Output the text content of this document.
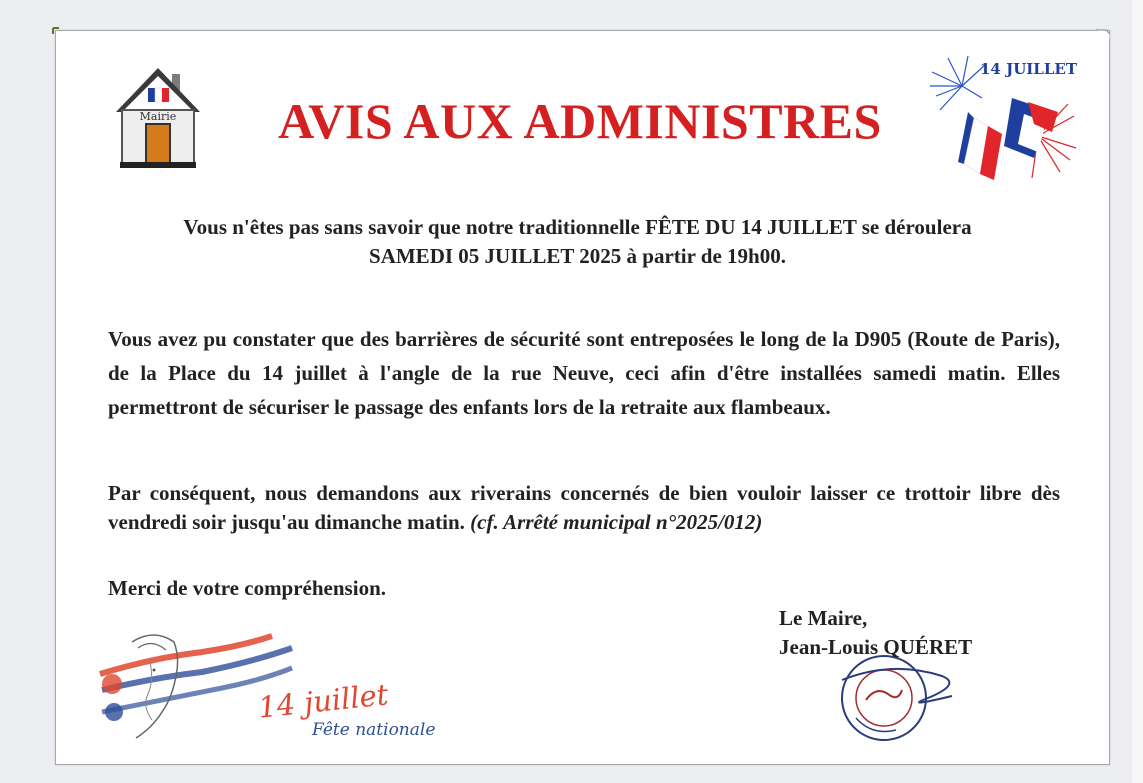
Mairie	AVIS AUX ADMINISTRES
14 JUILLET
Vous n'êtes pas sans savoir que notre traditionnelle FÊTE DU 14 JUILLET se déroulera
SAMEDI 05 JUILLET 2025 à partir de 19h00.
Vous avez pu constater que des barrières de sécurité sont entreposées le long de la D905 (Route de Paris), de la Place du 14 juillet à l'angle de la rue Neuve, ceci afin d'être installées samedi matin. Elles permettront de sécuriser le passage des enfants lors de la retraite aux flambeaux.
Par conséquent, nous demandons aux riverains concernés de bien vouloir laisser ce trottoir libre dès vendredi soir jusqu'au dimanche matin. (cf. Arrêté municipal n°2025/012)
Merci de votre compréhension.
Le Maire,
Jean-Louis QUÉRET
14 juillet
Fête nationale
